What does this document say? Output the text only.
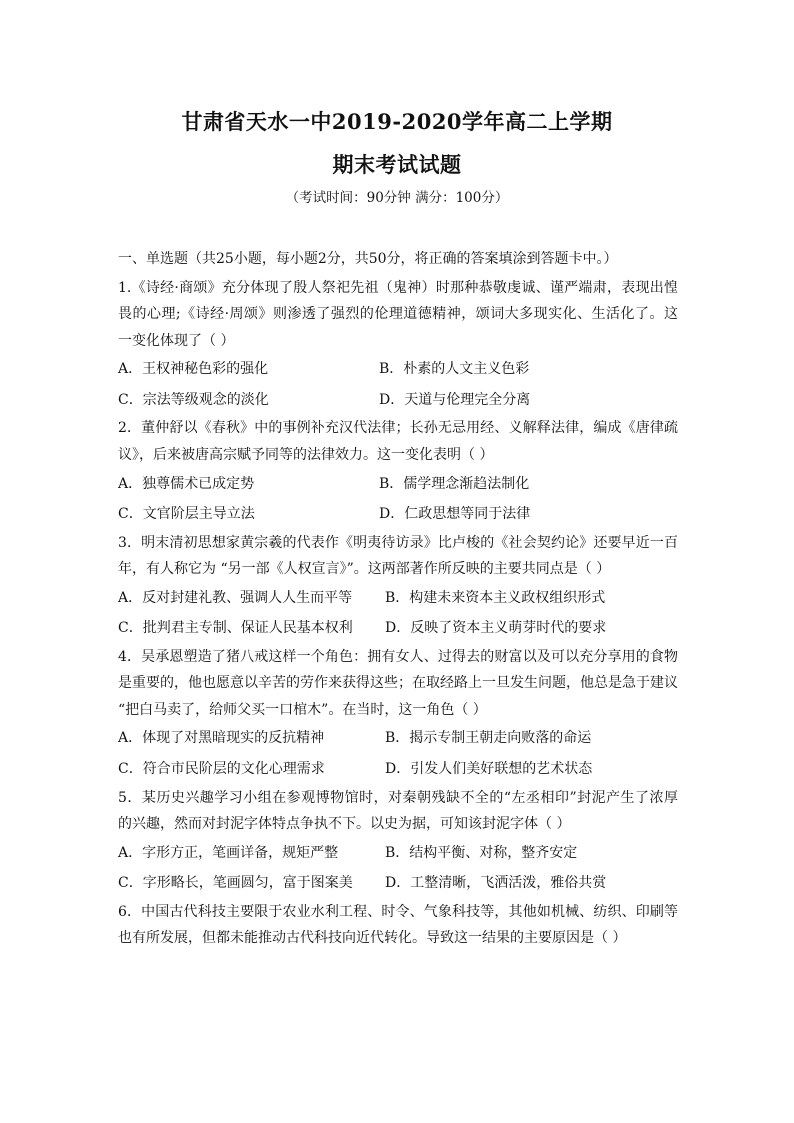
甘肃省天水一中2019-2020学年高二上学期
期末考试试题
（考试时间：90分钟 满分：100分）
一、单选题（共25小题，每小题2分，共50分，将正确的答案填涂到答题卡中。）
1.《诗经·商颂》充分体现了殷人祭祀先祖（鬼神）时那种恭敬虔诚、谨严端肃，表现出惶
畏的心理;《诗经·周颂》则渗透了强烈的伦理道德精神，颂词大多现实化、生活化了。这
一变化体现了（ ）
A．王权神秘色彩的强化	B．朴素的人文主义色彩
C．宗法等级观念的淡化	D．天道与伦理完全分离
2．董仲舒以《春秋》中的事例补充汉代法律；长孙无忌用经、义解释法律，编成《唐律疏
议》，后来被唐高宗赋予同等的法律效力。这一变化表明（ ）
A．独尊儒术已成定势	B．儒学理念渐趋法制化
C．文官阶层主导立法	D．仁政思想等同于法律
3．明末清初思想家黄宗羲的代表作《明夷待访录》比卢梭的《社会契约论》还要早近一百
年，有人称它为 “另一部《人权宣言》”。这两部著作所反映的主要共同点是（ ）
A．反对封建礼教、强调人人生而平等	B．构建未来资本主义政权组织形式
C．批判君主专制、保证人民基本权利	D．反映了资本主义萌芽时代的要求
4．吴承恩塑造了猪八戒这样一个角色：拥有女人、过得去的财富以及可以充分享用的食物
是重要的，他也愿意以辛苦的劳作来获得这些；在取经路上一旦发生问题，他总是急于建议
“把白马卖了，给师父买一口棺木”。在当时，这一角色（ ）
A．体现了对黑暗现实的反抗精神	B．揭示专制王朝走向败落的命运
C．符合市民阶层的文化心理需求	D．引发人们美好联想的艺术状态
5．某历史兴趣学习小组在参观博物馆时，对秦朝残缺不全的“左丞相印”封泥产生了浓厚
的兴趣，然而对封泥字体特点争执不下。以史为据，可知该封泥字体（ ）
A．字形方正，笔画详备，规矩严整	B．结构平衡、对称，整齐安定
C．字形略长，笔画圆匀，富于图案美	D．工整清晰，飞洒活泼，雅俗共赏
6．中国古代科技主要限于农业水利工程、时令、气象科技等，其他如机械、纺织、印刷等
也有所发展，但都未能推动古代科技向近代转化。导致这一结果的主要原因是（ ）
